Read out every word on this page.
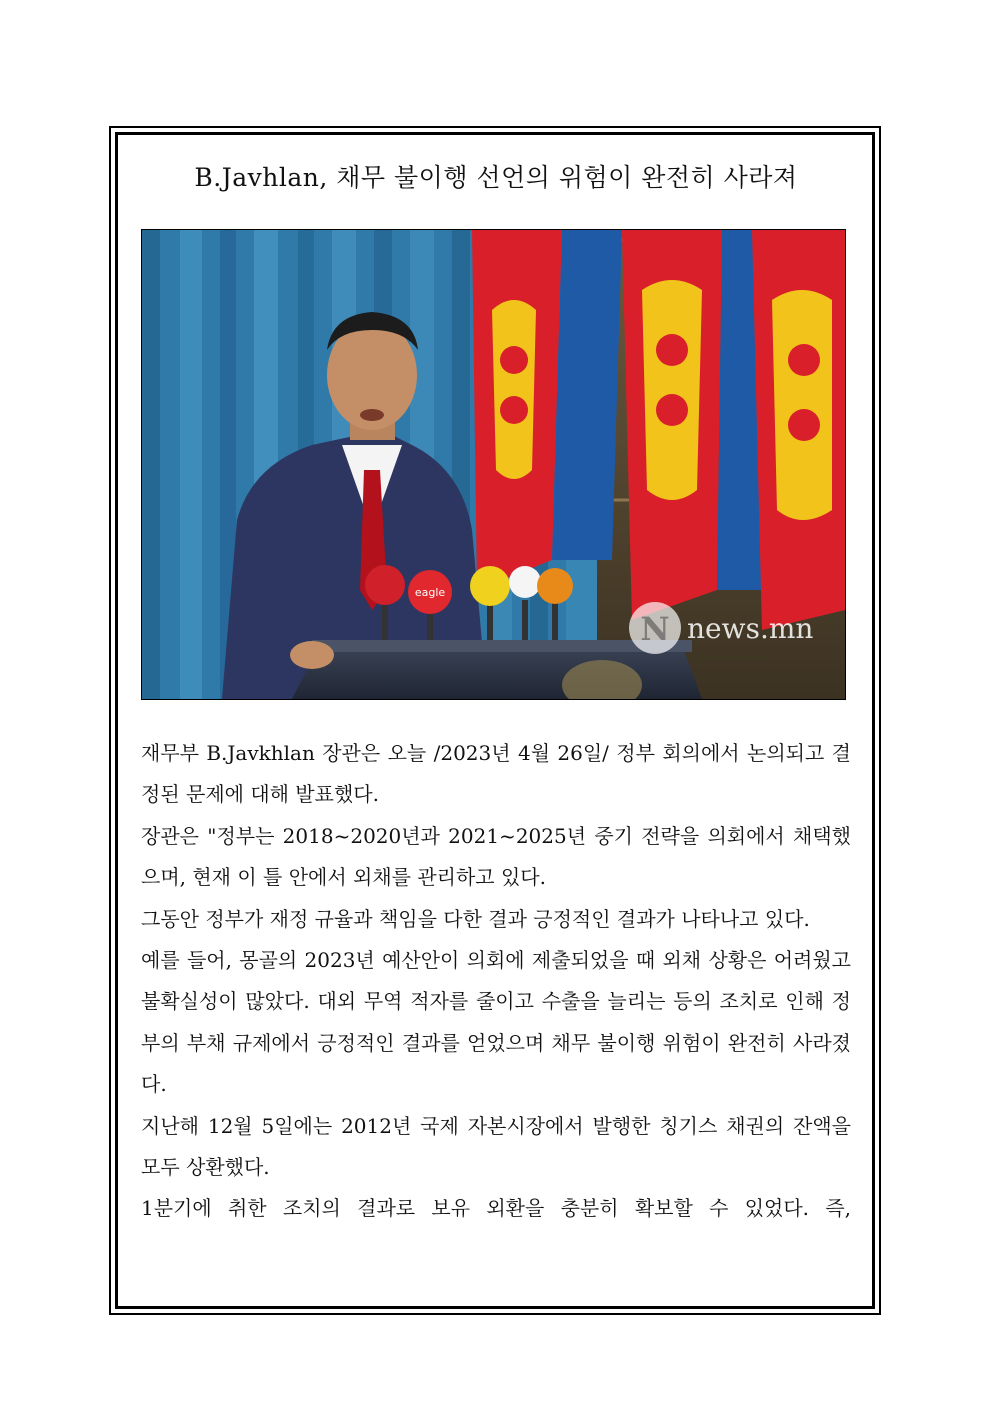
B.Javhlan, 채무 불이행 선언의 위험이 완전히 사라져
eagle
N news.mn

재무부 B.Javkhlan 장관은 오늘 /2023년 4월 26일/ 정부 회의에서 논의되고 결정된 문제에 대해 발표했다.

장관은 "정부는 2018~2020년과 2021~2025년 중기 전략을 의회에서 채택했으며, 현재 이 틀 안에서 외채를 관리하고 있다.

그동안 정부가 재정 규율과 책임을 다한 결과 긍정적인 결과가 나타나고 있다.

예를 들어, 몽골의 2023년 예산안이 의회에 제출되었을 때 외채 상황은 어려웠고 불확실성이 많았다. 대외 무역 적자를 줄이고 수출을 늘리는 등의 조치로 인해 정부의 부채 규제에서 긍정적인 결과를 얻었으며 채무 불이행 위험이 완전히 사라졌다.

지난해 12월 5일에는 2012년 국제 자본시장에서 발행한 칭기스 채권의 잔액을 모두 상환했다.

1분기에 취한 조치의 결과로 보유 외환을 충분히 확보할 수 있었다. 즉,
